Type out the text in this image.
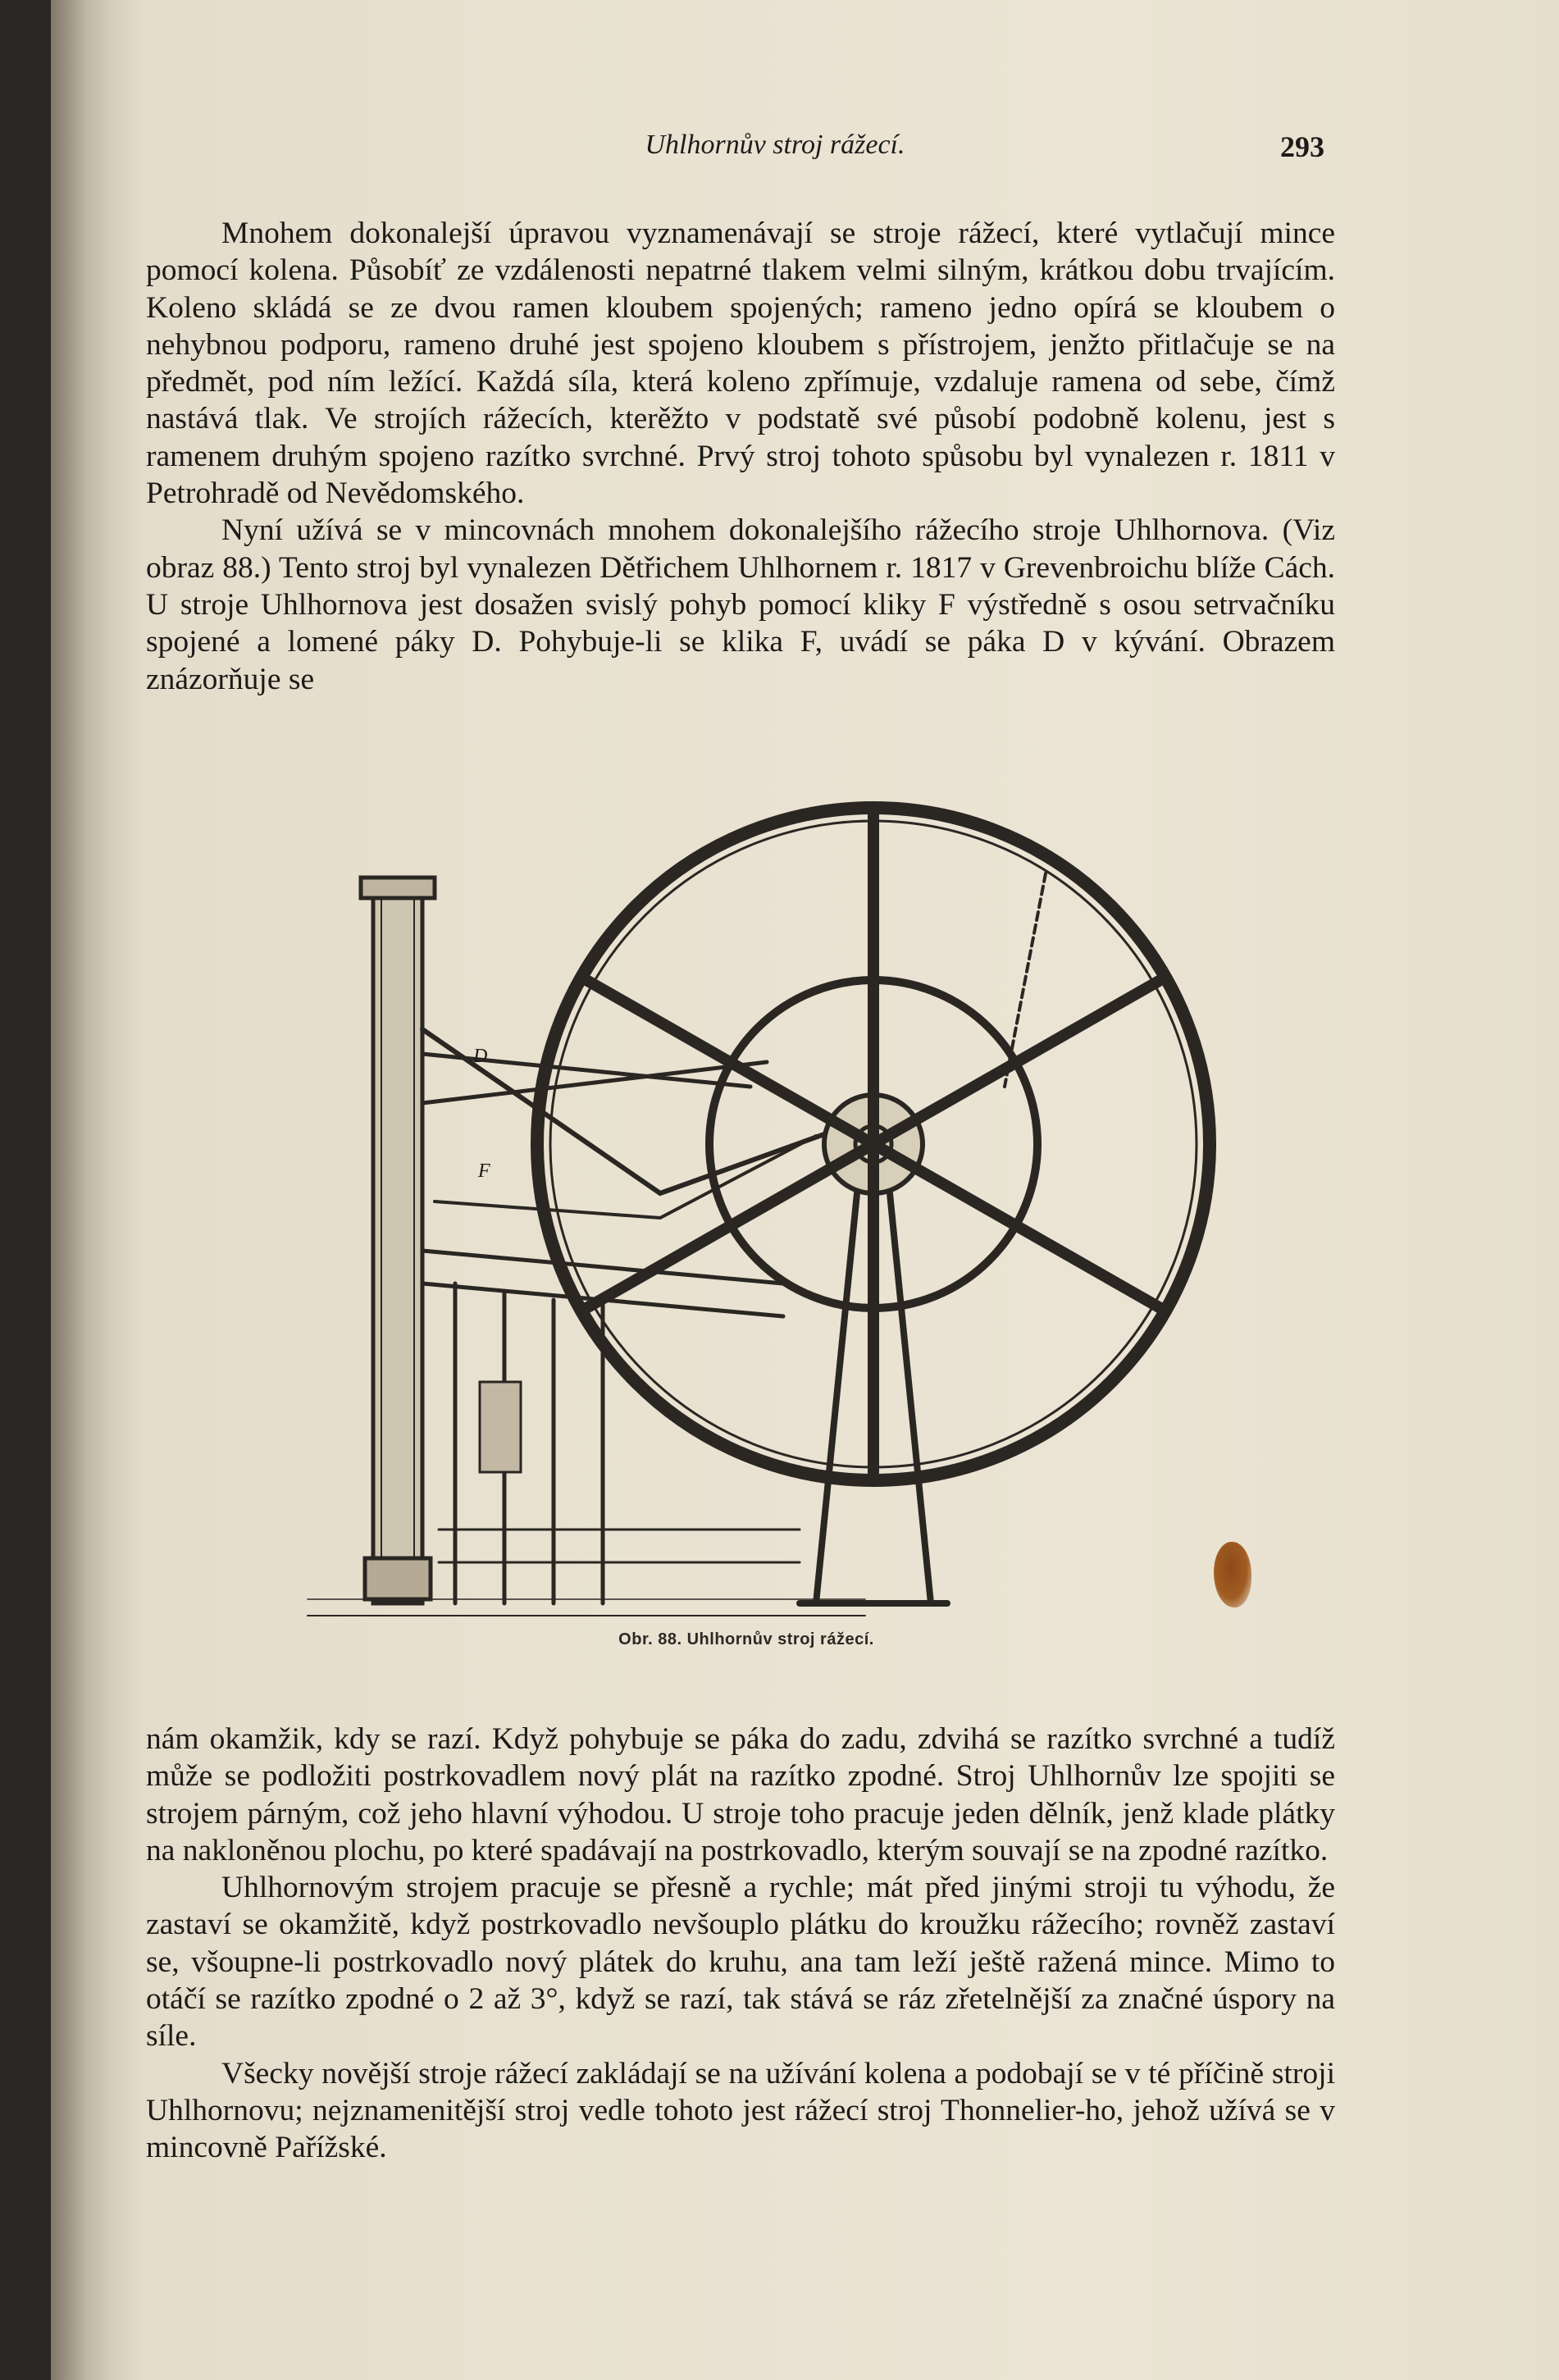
Uhlhornův stroj rážecí.	293

Mnohem dokonalejší úpravou vyznamenávají se stroje rážecí, které vytlačují mince pomocí kolena. Působíť ze vzdálenosti nepatrné tlakem velmi silným, krátkou dobu trvajícím. Koleno skládá se ze dvou ramen kloubem spojených; rameno jedno opírá se kloubem o nehybnou podporu, rameno druhé jest spojeno kloubem s přístrojem, jenžto přitlačuje se na předmět, pod ním ležící. Každá síla, která koleno zpřímuje, vzdaluje ramena od sebe, čímž nastává tlak. Ve strojích rážecích, kterěžto v podstatě své působí podobně kolenu, jest s ramenem druhým spojeno razítko svrchné. Prvý stroj tohoto spůsobu byl vynalezen r. 1811 v Petrohradě od Nevědomského.

Nyní užívá se v mincovnách mnohem dokonalejšího rážecího stroje Uhlhornova. (Viz obraz 88.) Tento stroj byl vynalezen Dětřichem Uhlhornem r. 1817 v Grevenbroichu blíže Cách. U stroje Uhlhornova jest dosažen svislý pohyb pomocí kliky F výstředně s osou setrvačníku spojené a lomené páky D. Pohybuje-li se klika F, uvádí se páka D v kývání. Obrazem znázorňuje se

D
F
Obr. 88. Uhlhornův stroj rážecí.

nám okamžik, kdy se razí. Když pohybuje se páka do zadu, zdvihá se razítko svrchné a tudíž může se podložiti postrkovadlem nový plát na razítko zpodné. Stroj Uhlhornův lze spojiti se strojem párným, což jeho hlavní výhodou. U stroje toho pracuje jeden dělník, jenž klade plátky na nakloněnou plochu, po které spadávají na postrkovadlo, kterým souvají se na zpodné razítko.

Uhlhornovým strojem pracuje se přesně a rychle; mát před jinými stroji tu výhodu, že zastaví se okamžitě, když postrkovadlo nevšouplo plátku do kroužku rážecího; rovněž zastaví se, všoupne-li postrkovadlo nový plátek do kruhu, ana tam leží ještě ražená mince. Mimo to otáčí se razítko zpodné o 2 až 3°, když se razí, tak stává se ráz zřetelnější za značné úspory na síle.

Všecky novější stroje rážecí zakládají se na užívání kolena a podobají se v té příčině stroji Uhlhornovu; nejznamenitější stroj vedle tohoto jest rážecí stroj Thonnelier-ho, jehož užívá se v mincovně Pařížské.
